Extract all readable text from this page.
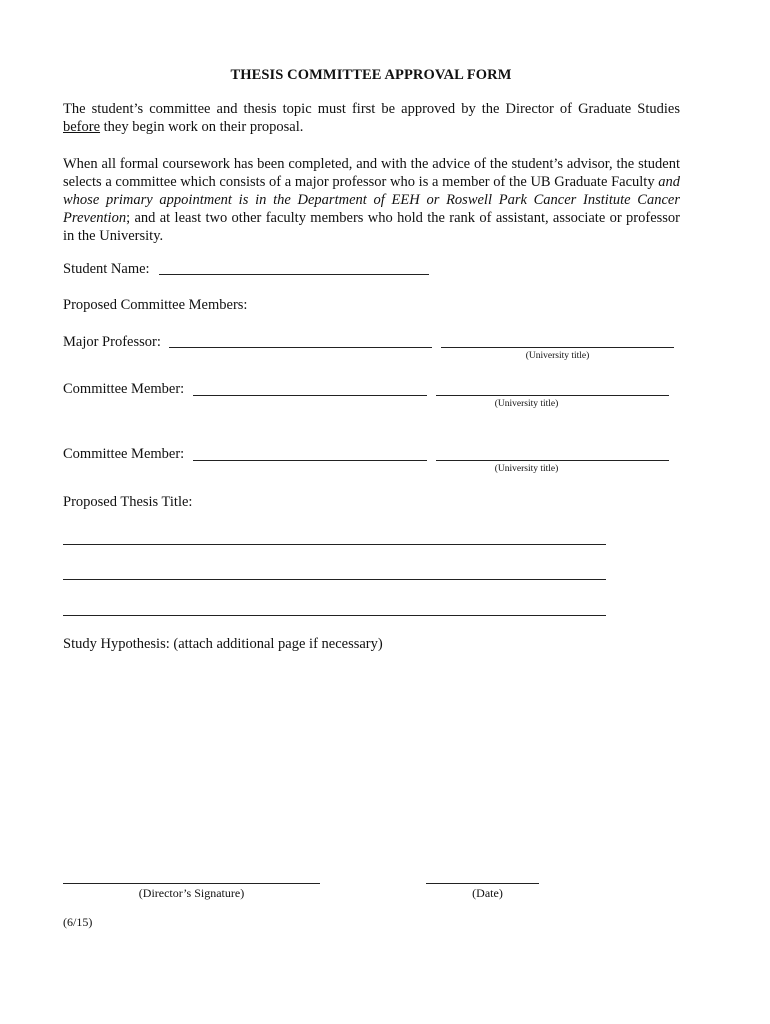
THESIS COMMITTEE APPROVAL FORM
The student’s committee and thesis topic must first be approved by the Director of Graduate Studies before they begin work on their proposal.
When all formal coursework has been completed, and with the advice of the student’s advisor, the student selects a committee which consists of a major professor who is a member of the UB Graduate Faculty and whose primary appointment is in the Department of EEH or Roswell Park Cancer Institute Cancer Prevention; and at least two other faculty members who hold the rank of assistant, associate or professor in the University.
Student Name:
Proposed Committee Members:
Major Professor:
(University title)
Committee Member:
(University title)
Committee Member:
(University title)
Proposed Thesis Title:
Study Hypothesis: (attach additional page if necessary)
(Director’s Signature)	(Date)
(6/15)
